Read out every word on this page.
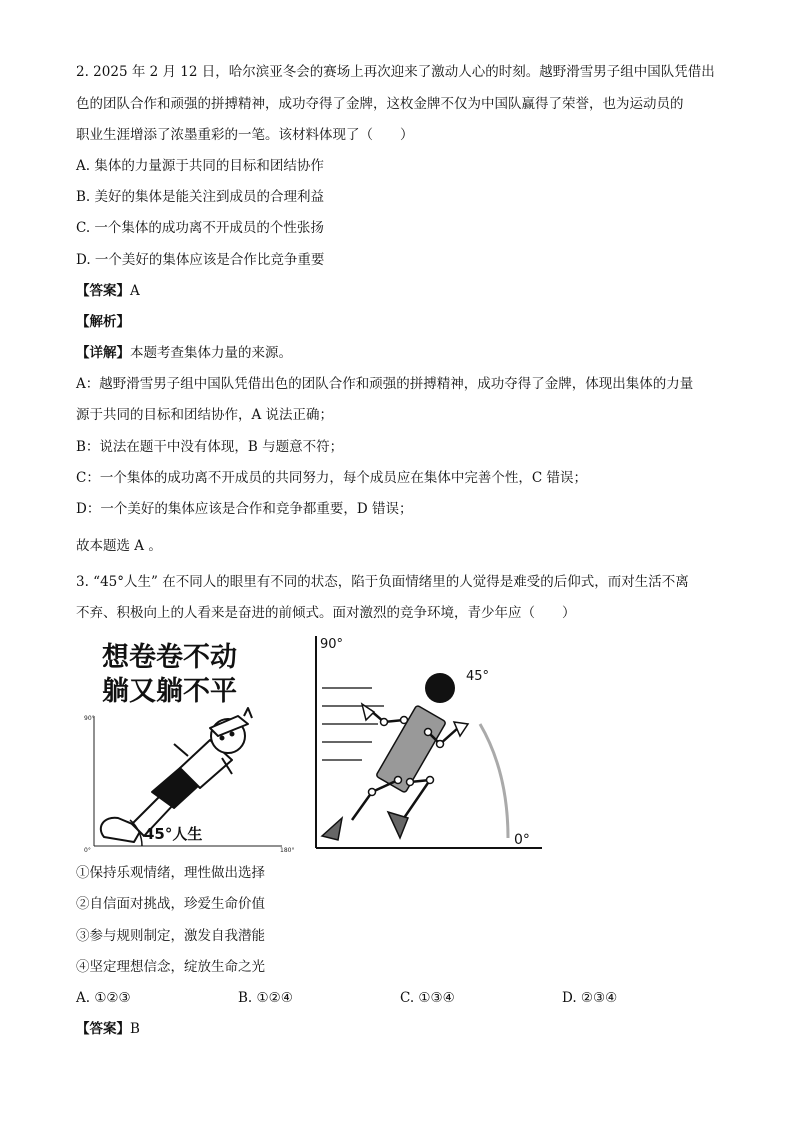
2. 2025 年 2 月 12 日，哈尔滨亚冬会的赛场上再次迎来了激动人心的时刻。越野滑雪男子组中国队凭借出
色的团队合作和顽强的拼搏精神，成功夺得了金牌，这枚金牌不仅为中国队赢得了荣誉，也为运动员的
职业生涯增添了浓墨重彩的一笔。该材料体现了（　　）
A. 集体的力量源于共同的目标和团结协作
B. 美好的集体是能关注到成员的合理利益
C. 一个集体的成功离不开成员的个性张扬
D. 一个美好的集体应该是合作比竞争重要
【答案】A
【解析】
【详解】本题考查集体力量的来源。
A：越野滑雪男子组中国队凭借出色的团队合作和顽强的拼搏精神，成功夺得了金牌，体现出集体的力量
源于共同的目标和团结协作，A 说法正确；
B：说法在题干中没有体现，B 与题意不符；
C：一个集体的成功离不开成员的共同努力，每个成员应在集体中完善个性，C 错误；
D：一个美好的集体应该是合作和竞争都重要，D 错误；
故本题选 A 。
3. “45°人生” 在不同人的眼里有不同的状态，陷于负面情绪里的人觉得是难受的后仰式，而对生活不离
不弃、积极向上的人看来是奋进的前倾式。面对激烈的竞争环境，青少年应（　　）
想卷卷不动
躺又躺不平
90°
0°	180°
45°人生
90°
0°
45°
①保持乐观情绪，理性做出选择
②自信面对挑战，珍爱生命价值
③参与规则制定，激发自我潜能
④坚定理想信念，绽放生命之光
A. ①②③	B. ①②④	C. ①③④	D. ②③④
【答案】B
